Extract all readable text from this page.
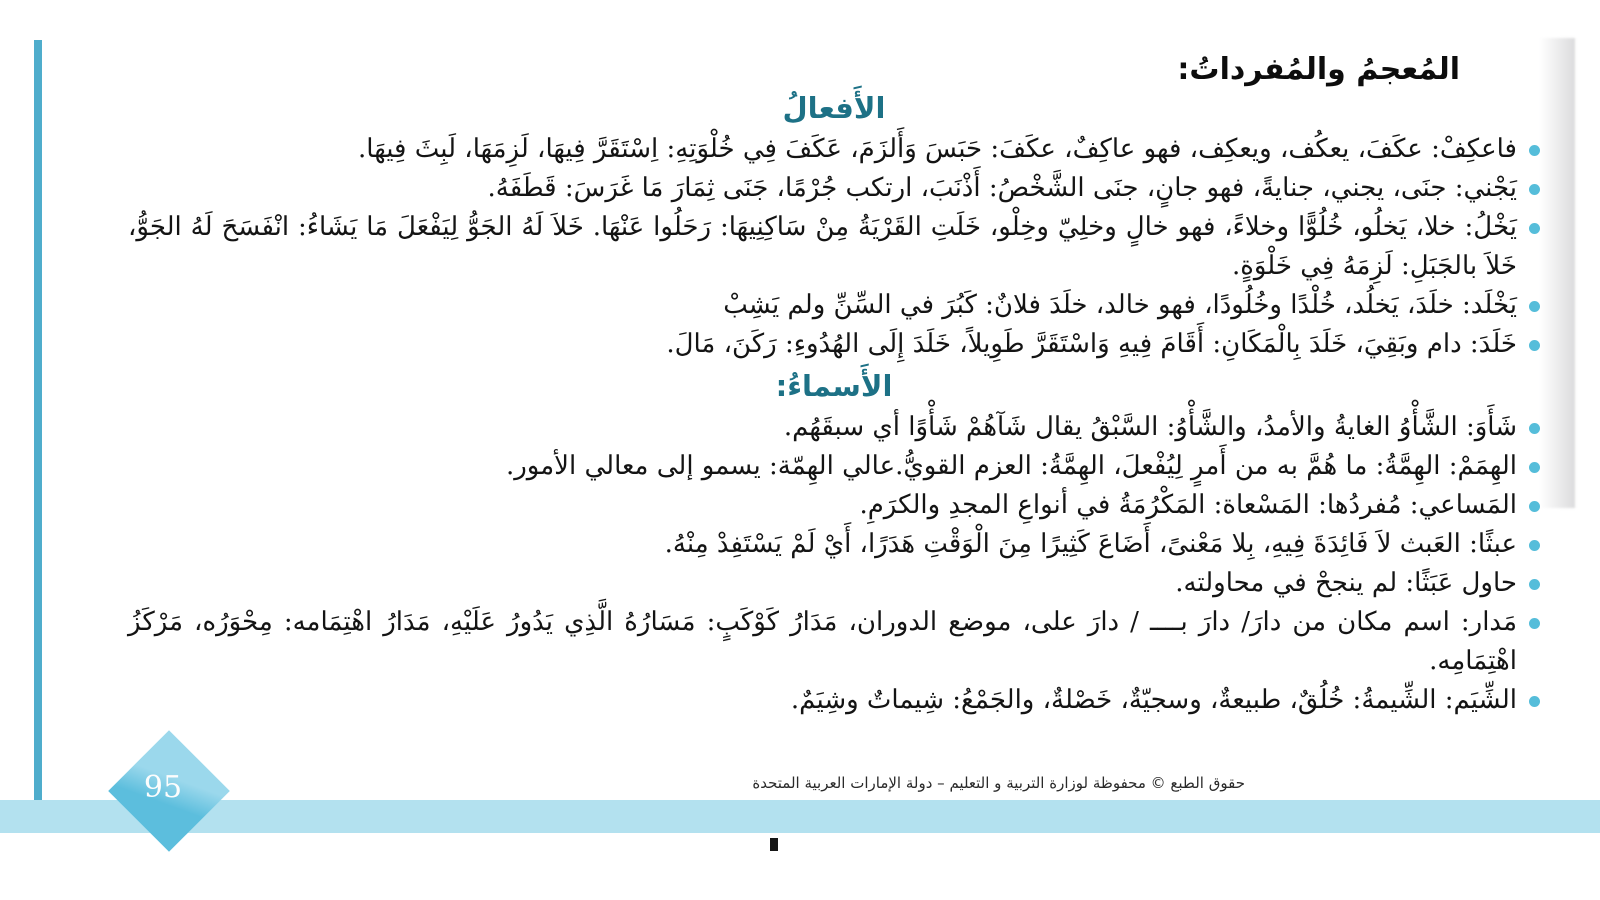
95
المُعجمُ والمُفرداتُ:
الأَفعالُ
فاعكِفْ: عكَفَ، يعكُف، ويعكِف، فهو عاكِفٌ، عكَفَ: حَبَسَ وَأَلزَمَ، عَكَفَ فِي خُلْوَتِهِ: اِسْتَقَرَّ فِيهَا، لَزِمَهَا، لَبِثَ فِيهَا.
يَجْني: جنَى، يجني، جنايةً، فهو جانٍ، جنَى الشَّخْصُ: أَذْنَبَ، ارتكب جُرْمًا، جَنَى ثِمَارَ مَا غَرَسَ: قَطَفَهُ.
يَخْلُ: خلا، يَخلُو، خُلُوًّا وخلاءً، فهو خالٍ وخلِيّ وخِلْو، خَلَتِ القَرْيَةُ مِنْ سَاكِنِيهَا: رَحَلُوا عَنْهَا. خَلاَ لَهُ الجَوُّ لِيَفْعَلَ مَا يَشَاءُ: انْفَسَحَ لَهُ الجَوُّ، خَلاَ بالجَبَلِ: لَزِمَهُ فِي خَلْوَةٍ.
يَخْلَد: خلَدَ، يَخلُد، خُلْدًا وخُلُودًا، فهو خالد، خلَدَ فلانٌ: كَبُرَ في السِّنِّ ولم يَشِبْ
خَلَدَ: دام وبَقِيَ، خَلَدَ بِالْمَكَانِ: أَقَامَ فِيهِ وَاسْتَقَرَّ طَوِيلاً، خَلَدَ إِلَى الهُدُوءِ: رَكَنَ، مَالَ.
الأَسماءُ:
شَأَوَ: الشَّأْوُ الغايةُ والأمدُ، والشَّأْوُ: السَّبْقُ يقال شَآهُمْ شَأْوًا أي سبقَهُم.
الهِمَمْ: الهِمَّةُ: ما هُمَّ به من أَمرٍ لِيُفْعلَ، الهِمَّةُ: العزم القويُّ.عالي الهِمّة: يسمو إلى معالي الأمور.
المَساعي: مُفردُها: المَسْعاة: المَكْرُمَةُ في أنواعِ المجدِ والكرَمِ.
عبثًا: العَبث لاَ فَائِدَةَ فِيهِ، بِلا مَعْنىً، أَضَاعَ كَثِيرًا مِنَ الْوَقْتِ هَدَرًا، أَيْ لَمْ يَسْتَفِدْ مِنْهُ.
حاول عَبَثًا: لم ينجحْ في محاولته.
مَدار: اسم مكان من دارَ/ دارَ بــــ / دارَ على، موضع الدوران، مَدَارُ كَوْكَبٍ: مَسَارُهُ الَّذِي يَدُورُ عَلَيْهِ، مَدَارُ اهْتِمَامه: مِحْوَرُه، مَرْكَزُ اهْتِمَامِه.
الشِّيَم: الشِّيمةُ: خُلُقٌ، طبيعةٌ، وسجيّةٌ، خَصْلةٌ، والجَمْعُ: شِيماتٌ وشِيَمٌ.
حقوق الطبع © محفوظة لوزارة التربية و التعليم – دولة الإمارات العربية المتحدة
